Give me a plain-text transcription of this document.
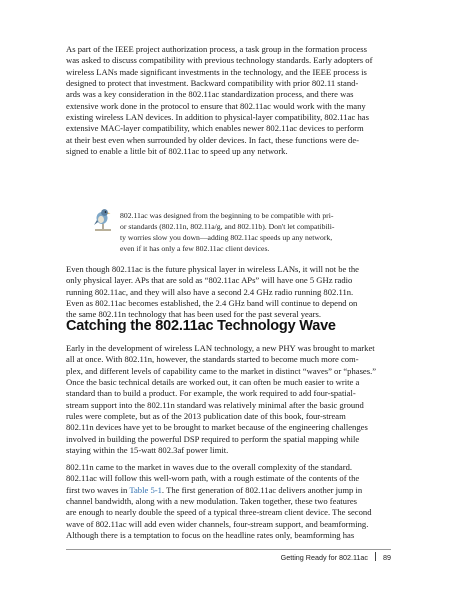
As part of the IEEE project authorization process, a task group in the formation process
was asked to discuss compatibility with previous technology standards. Early adopters of
wireless LANs made significant investments in the technology, and the IEEE process is
designed to protect that investment. Backward compatibility with prior 802.11 stand-
ards was a key consideration in the 802.11ac standardization process, and there was
extensive work done in the protocol to ensure that 802.11ac would work with the many
existing wireless LAN devices. In addition to physical-layer compatibility, 802.11ac has
extensive MAC-layer compatibility, which enables newer 802.11ac devices to perform
at their best even when surrounded by older devices. In fact, these functions were de-
signed to enable a little bit of 802.11ac to speed up any network.
802.11ac was designed from the beginning to be compatible with pri-
or standards (802.11n, 802.11a/g, and 802.11b). Don't let compatibili-
ty worries slow you down—adding 802.11ac speeds up any network,
even if it has only a few 802.11ac client devices.
Even though 802.11ac is the future physical layer in wireless LANs, it will not be the
only physical layer. APs that are sold as “802.11ac APs” will have one 5 GHz radio
running 802.11ac, and they will also have a second 2.4 GHz radio running 802.11n.
Even as 802.11ac becomes established, the 2.4 GHz band will continue to depend on
the same 802.11n technology that has been used for the past several years.
Catching the 802.11ac Technology Wave
Early in the development of wireless LAN technology, a new PHY was brought to market
all at once. With 802.11n, however, the standards started to become much more com-
plex, and different levels of capability came to the market in distinct “waves” or “phases.”
Once the basic technical details are worked out, it can often be much easier to write a
standard than to build a product. For example, the work required to add four-spatial-
stream support into the 802.11n standard was relatively minimal after the basic ground
rules were complete, but as of the 2013 publication date of this book, four-stream
802.11n devices have yet to be brought to market because of the engineering challenges
involved in building the powerful DSP required to perform the spatial mapping while
staying within the 15-watt 802.3af power limit.
802.11n came to the market in waves due to the overall complexity of the standard.
802.11ac will follow this well-worn path, with a rough estimate of the contents of the
first two waves in Table 5-1. The first generation of 802.11ac delivers another jump in
channel bandwidth, along with a new modulation. Taken together, these two features
are enough to nearly double the speed of a typical three-stream client device. The second
wave of 802.11ac will add even wider channels, four-stream support, and beamforming.
Although there is a temptation to focus on the headline rates only, beamforming has
Getting Ready for 802.11ac 89
